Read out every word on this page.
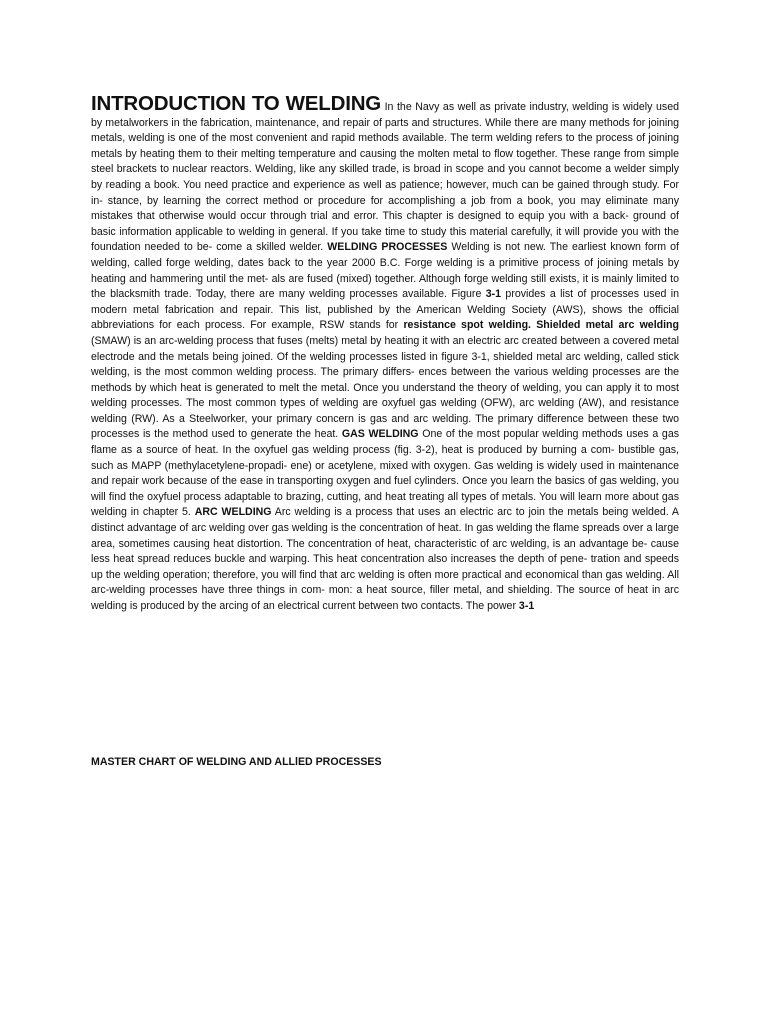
INTRODUCTION TO WELDING In the Navy as well as private industry, welding is widely used by metalworkers in the fabrication, maintenance, and repair of parts and structures. While there are many methods for joining metals, welding is one of the most convenient and rapid methods available. The term welding refers to the process of joining metals by heating them to their melting temperature and causing the molten metal to flow together. These range from simple steel brackets to nuclear reactors. Welding, like any skilled trade, is broad in scope and you cannot become a welder simply by reading a book. You need practice and experience as well as patience; however, much can be gained through study. For in- stance, by learning the correct method or procedure for accomplishing a job from a book, you may eliminate many mistakes that otherwise would occur through trial and error. This chapter is designed to equip you with a back- ground of basic information applicable to welding in general. If you take time to study this material carefully, it will provide you with the foundation needed to be- come a skilled welder. WELDING PROCESSES Welding is not new. The earliest known form of welding, called forge welding, dates back to the year 2000 B.C. Forge welding is a primitive process of joining metals by heating and hammering until the met- als are fused (mixed) together. Although forge welding still exists, it is mainly limited to the blacksmith trade. Today, there are many welding processes available. Figure 3-1 provides a list of processes used in modern metal fabrication and repair. This list, published by the American Welding Society (AWS), shows the official abbreviations for each process. For example, RSW stands for resistance spot welding. Shielded metal arc welding (SMAW) is an arc-welding process that fuses (melts) metal by heating it with an electric arc created between a covered metal electrode and the metals being joined. Of the welding processes listed in figure 3-1, shielded metal arc welding, called stick welding, is the most common welding process. The primary differs- ences between the various welding processes are the methods by which heat is generated to melt the metal. Once you understand the theory of welding, you can apply it to most welding processes. The most common types of welding are oxyfuel gas welding (OFW), arc welding (AW), and resistance welding (RW). As a Steelworker, your primary concern is gas and arc welding. The primary difference between these two processes is the method used to generate the heat. GAS WELDING One of the most popular welding methods uses a gas flame as a source of heat. In the oxyfuel gas welding process (fig. 3-2), heat is produced by burning a com- bustible gas, such as MAPP (methylacetylene-propadi- ene) or acetylene, mixed with oxygen. Gas welding is widely used in maintenance and repair work because of the ease in transporting oxygen and fuel cylinders. Once you learn the basics of gas welding, you will find the oxyfuel process adaptable to brazing, cutting, and heat treating all types of metals. You will learn more about gas welding in chapter 5. ARC WELDING Arc welding is a process that uses an electric arc to join the metals being welded. A distinct advantage of arc welding over gas welding is the concentration of heat. In gas welding the flame spreads over a large area, sometimes causing heat distortion. The concentration of heat, characteristic of arc welding, is an advantage be- cause less heat spread reduces buckle and warping. This heat concentration also increases the depth of pene- tration and speeds up the welding operation; therefore, you will find that arc welding is often more practical and economical than gas welding. All arc-welding processes have three things in com- mon: a heat source, filler metal, and shielding. The source of heat in arc welding is produced by the arcing of an electrical current between two contacts. The power 3-1

MASTER CHART OF WELDING AND ALLlED PROCESSES
